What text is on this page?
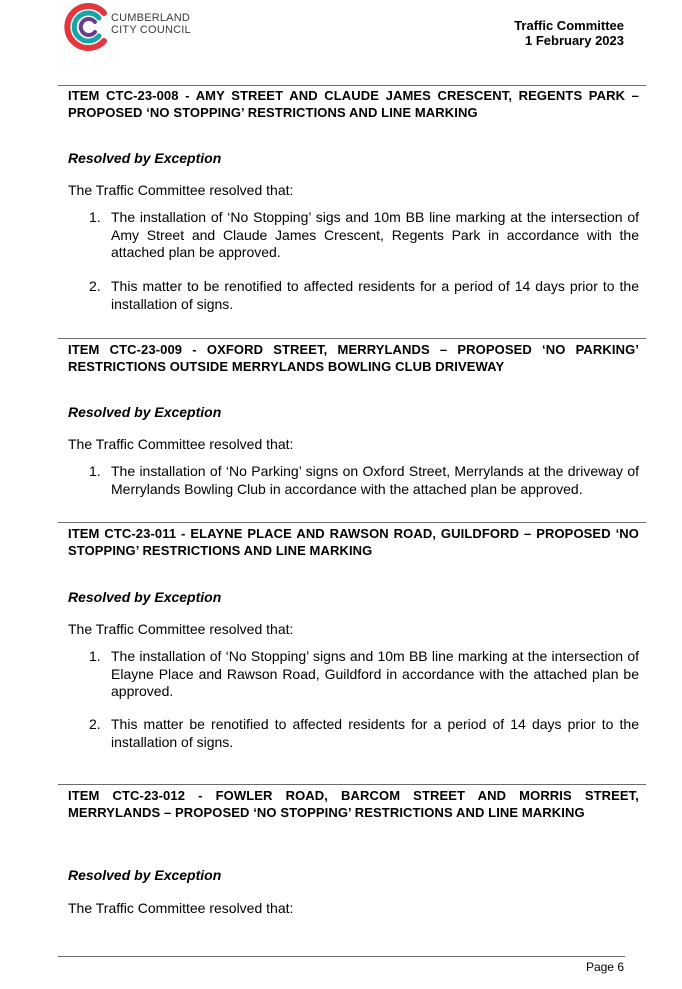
CUMBERLAND
CITY COUNCIL	Traffic Committee
1 February 2023
ITEM CTC-23-008 - AMY STREET AND CLAUDE JAMES CRESCENT, REGENTS PARK – PROPOSED ‘NO STOPPING’ RESTRICTIONS AND LINE MARKING
Resolved by Exception
The Traffic Committee resolved that:
1. The installation of ‘No Stopping’ sigs and 10m BB line marking at the intersection of Amy Street and Claude James Crescent, Regents Park in accordance with the attached plan be approved.
2. This matter to be renotified to affected residents for a period of 14 days prior to the installation of signs.
ITEM CTC-23-009 - OXFORD STREET, MERRYLANDS – PROPOSED ‘NO PARKING’ RESTRICTIONS OUTSIDE MERRYLANDS BOWLING CLUB DRIVEWAY
Resolved by Exception
The Traffic Committee resolved that:
1. The installation of ‘No Parking’ signs on Oxford Street, Merrylands at the driveway of Merrylands Bowling Club in accordance with the attached plan be approved.
ITEM CTC-23-011 - ELAYNE PLACE AND RAWSON ROAD, GUILDFORD – PROPOSED ‘NO STOPPING’ RESTRICTIONS AND LINE MARKING
Resolved by Exception
The Traffic Committee resolved that:
1. The installation of ‘No Stopping’ signs and 10m BB line marking at the intersection of Elayne Place and Rawson Road, Guildford in accordance with the attached plan be approved.
2. This matter be renotified to affected residents for a period of 14 days prior to the installation of signs.
ITEM CTC-23-012 - FOWLER ROAD, BARCOM STREET AND MORRIS STREET, MERRYLANDS – PROPOSED ‘NO STOPPING’ RESTRICTIONS AND LINE MARKING
Resolved by Exception
The Traffic Committee resolved that:
Page 6
